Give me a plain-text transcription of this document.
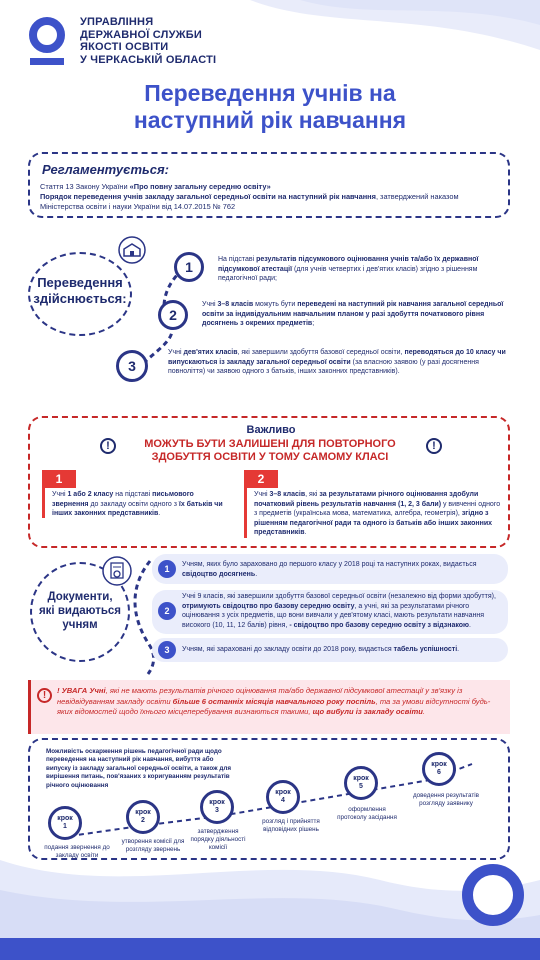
УПРАВЛІННЯ
ДЕРЖАВНОЇ СЛУЖБИ
ЯКОСТІ ОСВІТИ
У ЧЕРКАСЬКІЙ ОБЛАСТІ
Переведення учнів на
наступний рік навчання
Регламентується:
Стаття 13 Закону України «Про повну загальну середню освіту»
Порядок переведення учнів закладу загальної середньої освіти на наступний рік навчання, затверджений наказом Міністерства освіти і науки України від 14.07.2015 № 762
Переведення
здійснюється:
1	На підставі результатів підсумкового оцінювання учнів та/або їх державної підсумкової атестації (для учнів четвертих і дев'ятих класів) згідно з рішенням педагогічної ради;
2
Учні 3–8 класів можуть бути переведені на наступний рік навчання загальної середньої освіти за індивідуальним навчальним планом у разі здобуття початкового рівня досягнень з окремих предметів;
3
Учні дев'ятих класів, які завершили здобуття базової середньої освіти, переводяться до 10 класу чи випускаються із закладу загальної середньої освіти (за власною заявою (у разі досягнення повноліття) чи заявою одного з батьків, інших законних представників).
Важливо
!	!
МОЖУТЬ БУТИ ЗАЛИШЕНІ ДЛЯ ПОВТОРНОГО ЗДОБУТТЯ ОСВІТИ У ТОМУ САМОМУ КЛАСІ
1
Учні 1 або 2 класу на підставі письмового звернення до закладу освіти одного з їх батьків чи інших законних представників.
2
Учні 3–8 класів, які за результатами річного оцінювання здобули початковий рівень результатів навчання (1, 2, 3 бали) у вивченні одного з предметів (українська мова, математика, алгебра, геометрія), згідно з рішенням педагогічної ради та одного із батьків або інших законних представників.
Документи,
які видаються
учням
1	Учням, яких було зараховано до першого класу у 2018 році та наступних роках, видається свідоцтво досягнень.
2
Учні 9 класів, які завершили здобуття базової середньої освіти (незалежно від форми здобуття), отримують свідоцтво про базову середню освіту, а учні, які за результатами річного оцінювання з усіх предметів, що вони вивчали у дев'ятому класі, мають результати навчання високого (10, 11, 12 балів) рівня, - свідоцтво про базову середню освіту з відзнакою.
3	Учням, які зараховані до закладу освіти до 2018 року, видається табель успішності.
!	! УВАГА Учні, які не мають результатів річного оцінювання та/або державної підсумкової атестації у зв'язку із невідвідуванням закладу освіти більше 6 останніх місяців навчального року поспіль, та за умови відсутності будь-яких відомостей щодо їхнього місцеперебування визнаються такими, що вибули із закладу освіти.
Можливість оскарження рішень педагогічної ради щодо переведення на наступний рік навчання, вибуття або випуску із закладу загальної середньої освіти, а також для вирішення питань, пов'язаних з коригуванням результатів річного оцінювання
крок
1
подання звернення до закладу освіти
крок
2
утворення комісії для розгляду звернень
крок
3
затвердження порядку діяльності комісії
крок
4
розгляд і прийняття відповідних рішень
крок
5
оформлення протоколу засідання
крок
6
доведення результатів розгляду заявнику
